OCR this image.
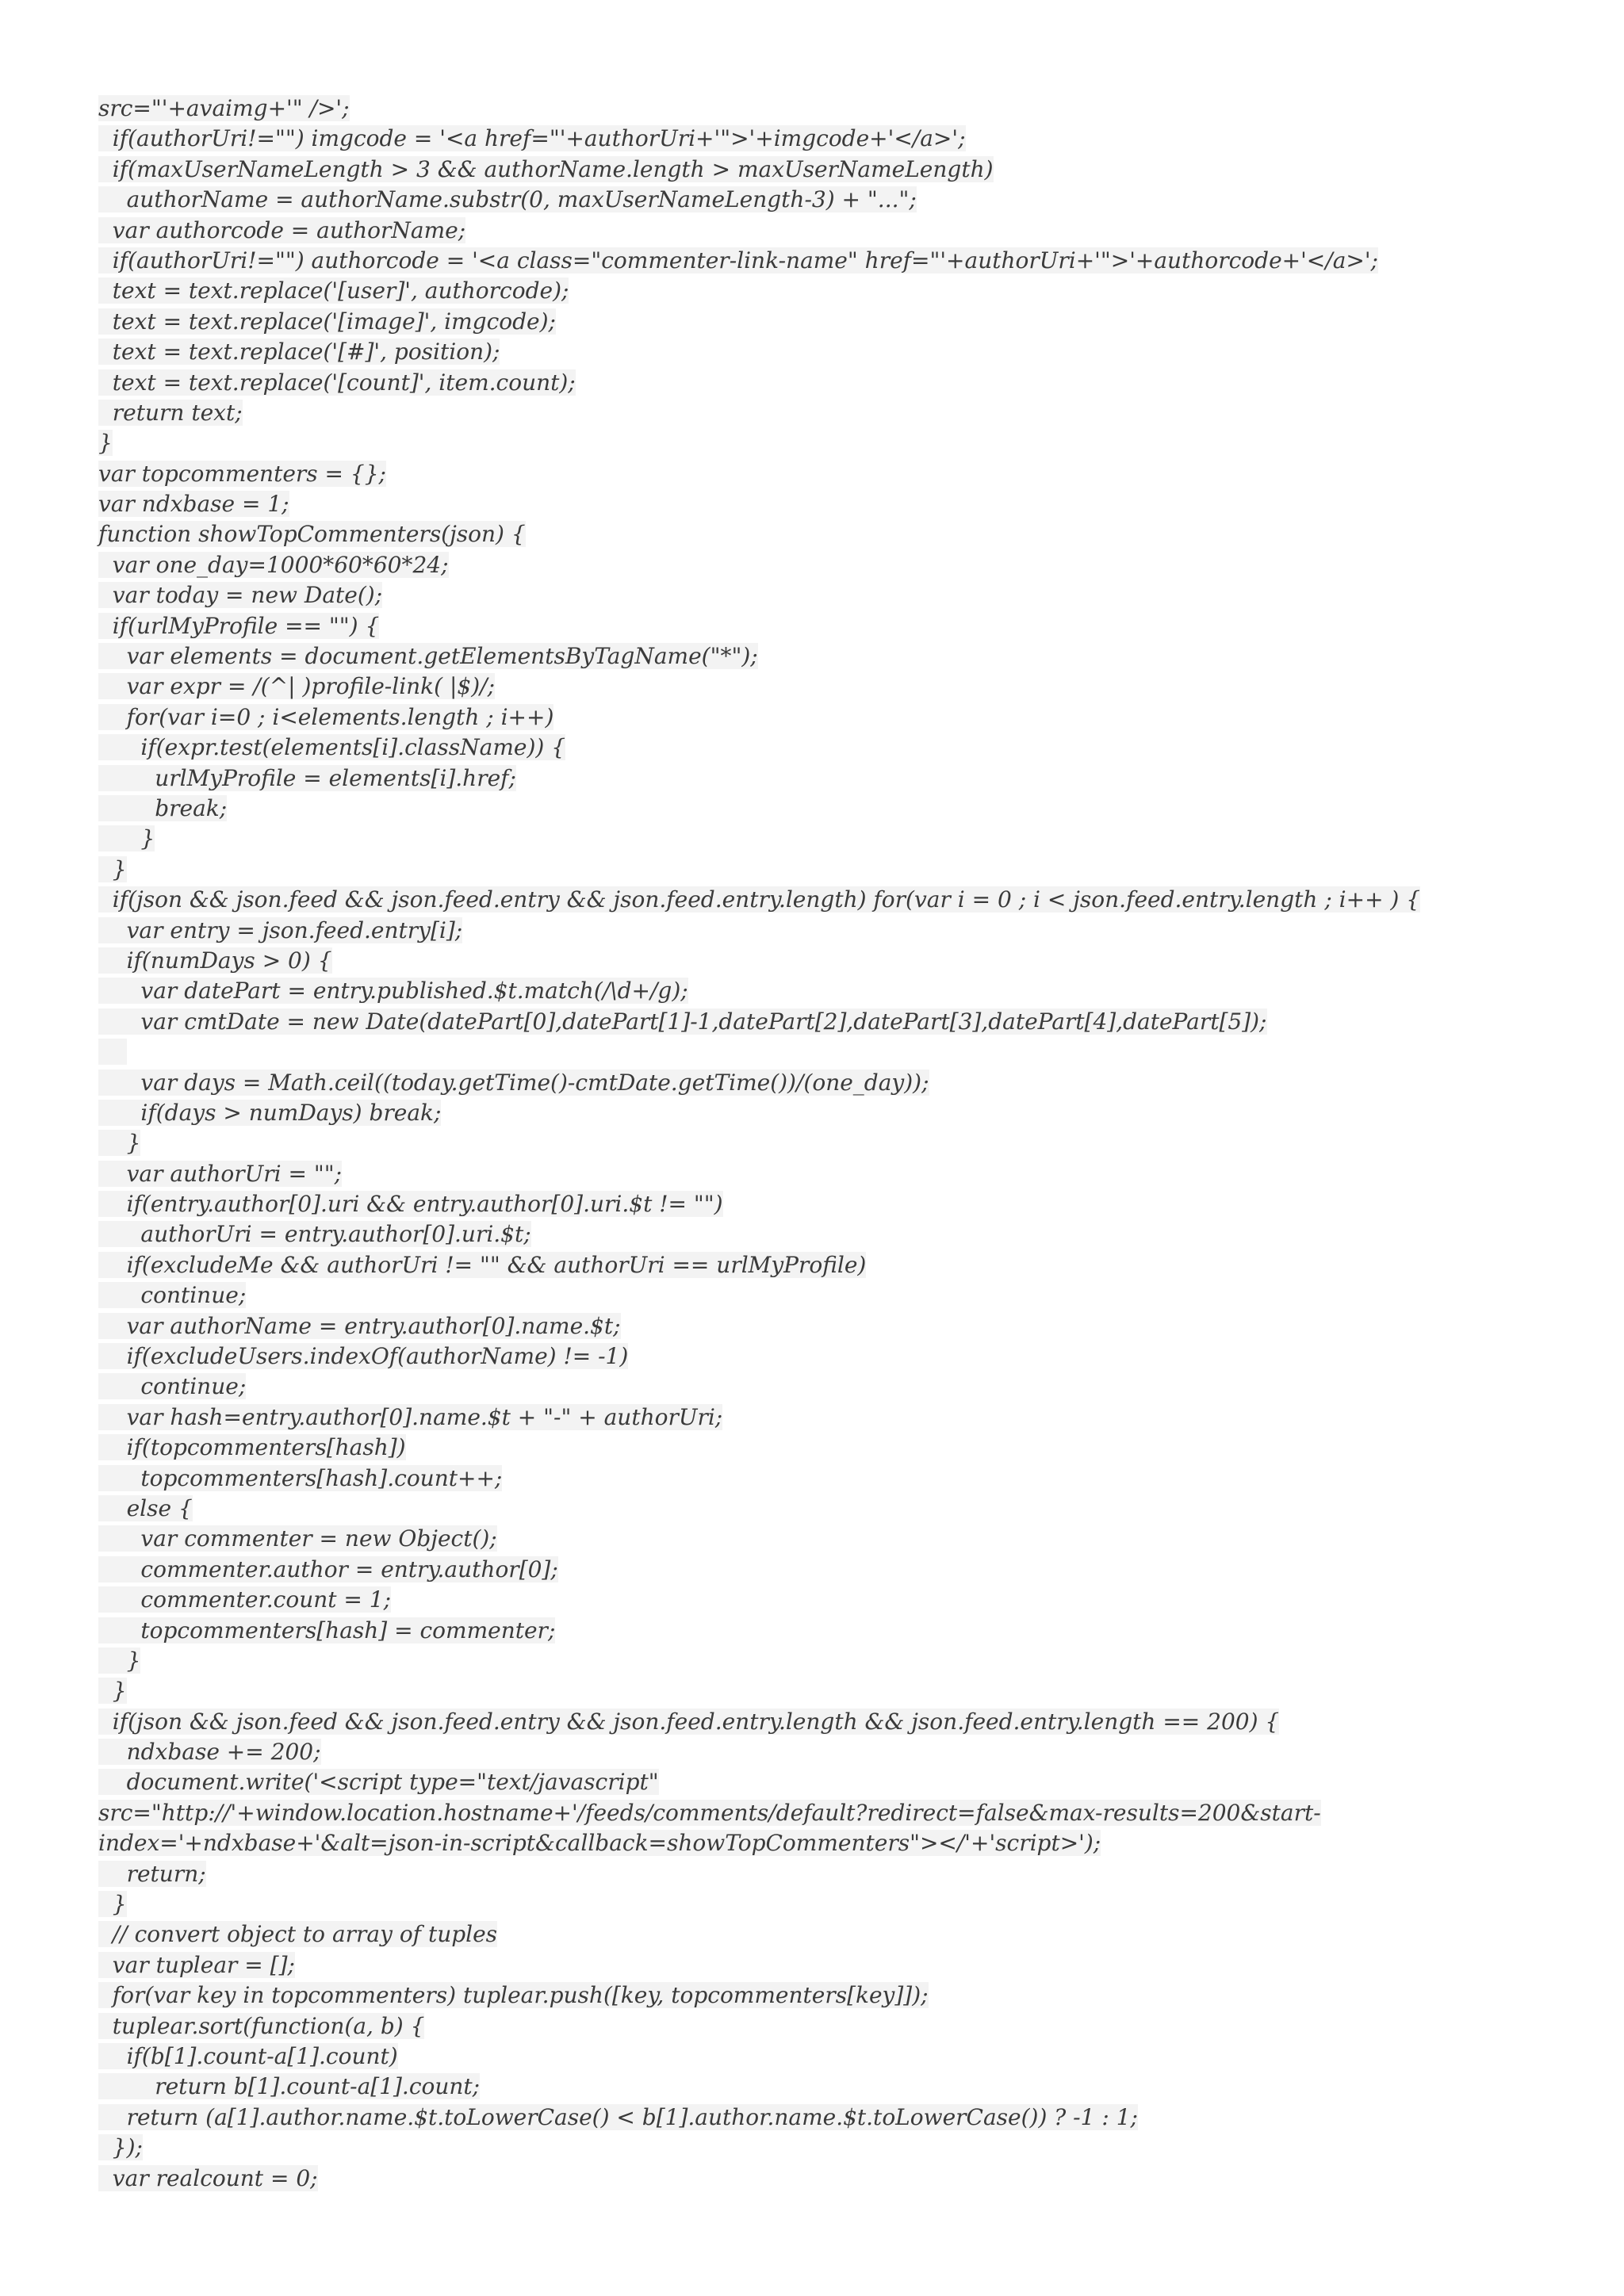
src="'+avaimg+'" />';
if(authorUri!="") imgcode = '<a href="'+authorUri+'">'+imgcode+'</a>';
if(maxUserNameLength > 3 && authorName.length > maxUserNameLength)
authorName = authorName.substr(0, maxUserNameLength-3) + "...";
var authorcode = authorName;
if(authorUri!="") authorcode = '<a class="commenter-link-name" href="'+authorUri+'">'+authorcode+'</a>';
text = text.replace('[user]', authorcode);
text = text.replace('[image]', imgcode);
text = text.replace('[#]', position);
text = text.replace('[count]', item.count);
return text;
}
var topcommenters = {};
var ndxbase = 1;
function showTopCommenters(json) {
var one_day=1000*60*60*24;
var today = new Date();
if(urlMyProfile == "") {
var elements = document.getElementsByTagName("*");
var expr = /(^| )profile-link( |$)/;
for(var i=0 ; i<elements.length ; i++)
if(expr.test(elements[i].className)) {
urlMyProfile = elements[i].href;
break;
}
}
if(json && json.feed && json.feed.entry && json.feed.entry.length) for(var i = 0 ; i < json.feed.entry.length ; i++ ) {
var entry = json.feed.entry[i];
if(numDays > 0) {
var datePart = entry.published.$t.match(/\d+/g);
var cmtDate = new Date(datePart[0],datePart[1]-1,datePart[2],datePart[3],datePart[4],datePart[5]);

var days = Math.ceil((today.getTime()-cmtDate.getTime())/(one_day));
if(days > numDays) break;
}
var authorUri = "";
if(entry.author[0].uri && entry.author[0].uri.$t != "")
authorUri = entry.author[0].uri.$t;
if(excludeMe && authorUri != "" && authorUri == urlMyProfile)
continue;
var authorName = entry.author[0].name.$t;
if(excludeUsers.indexOf(authorName) != -1)
continue;
var hash=entry.author[0].name.$t + "-" + authorUri;
if(topcommenters[hash])
topcommenters[hash].count++;
else {
var commenter = new Object();
commenter.author = entry.author[0];
commenter.count = 1;
topcommenters[hash] = commenter;
}
}
if(json && json.feed && json.feed.entry && json.feed.entry.length && json.feed.entry.length == 200) {
ndxbase += 200;
document.write('<script type="text/javascript"
src="http://'+window.location.hostname+'/feeds/comments/default?redirect=false&max-results=200&start-
index='+ndxbase+'&alt=json-in-script&callback=showTopCommenters"></'+'script>');
return;
}
// convert object to array of tuples
var tuplear = [];
for(var key in topcommenters) tuplear.push([key, topcommenters[key]]);
tuplear.sort(function(a, b) {
if(b[1].count-a[1].count)
return b[1].count-a[1].count;
return (a[1].author.name.$t.toLowerCase() < b[1].author.name.$t.toLowerCase()) ? -1 : 1;
});
var realcount = 0;
